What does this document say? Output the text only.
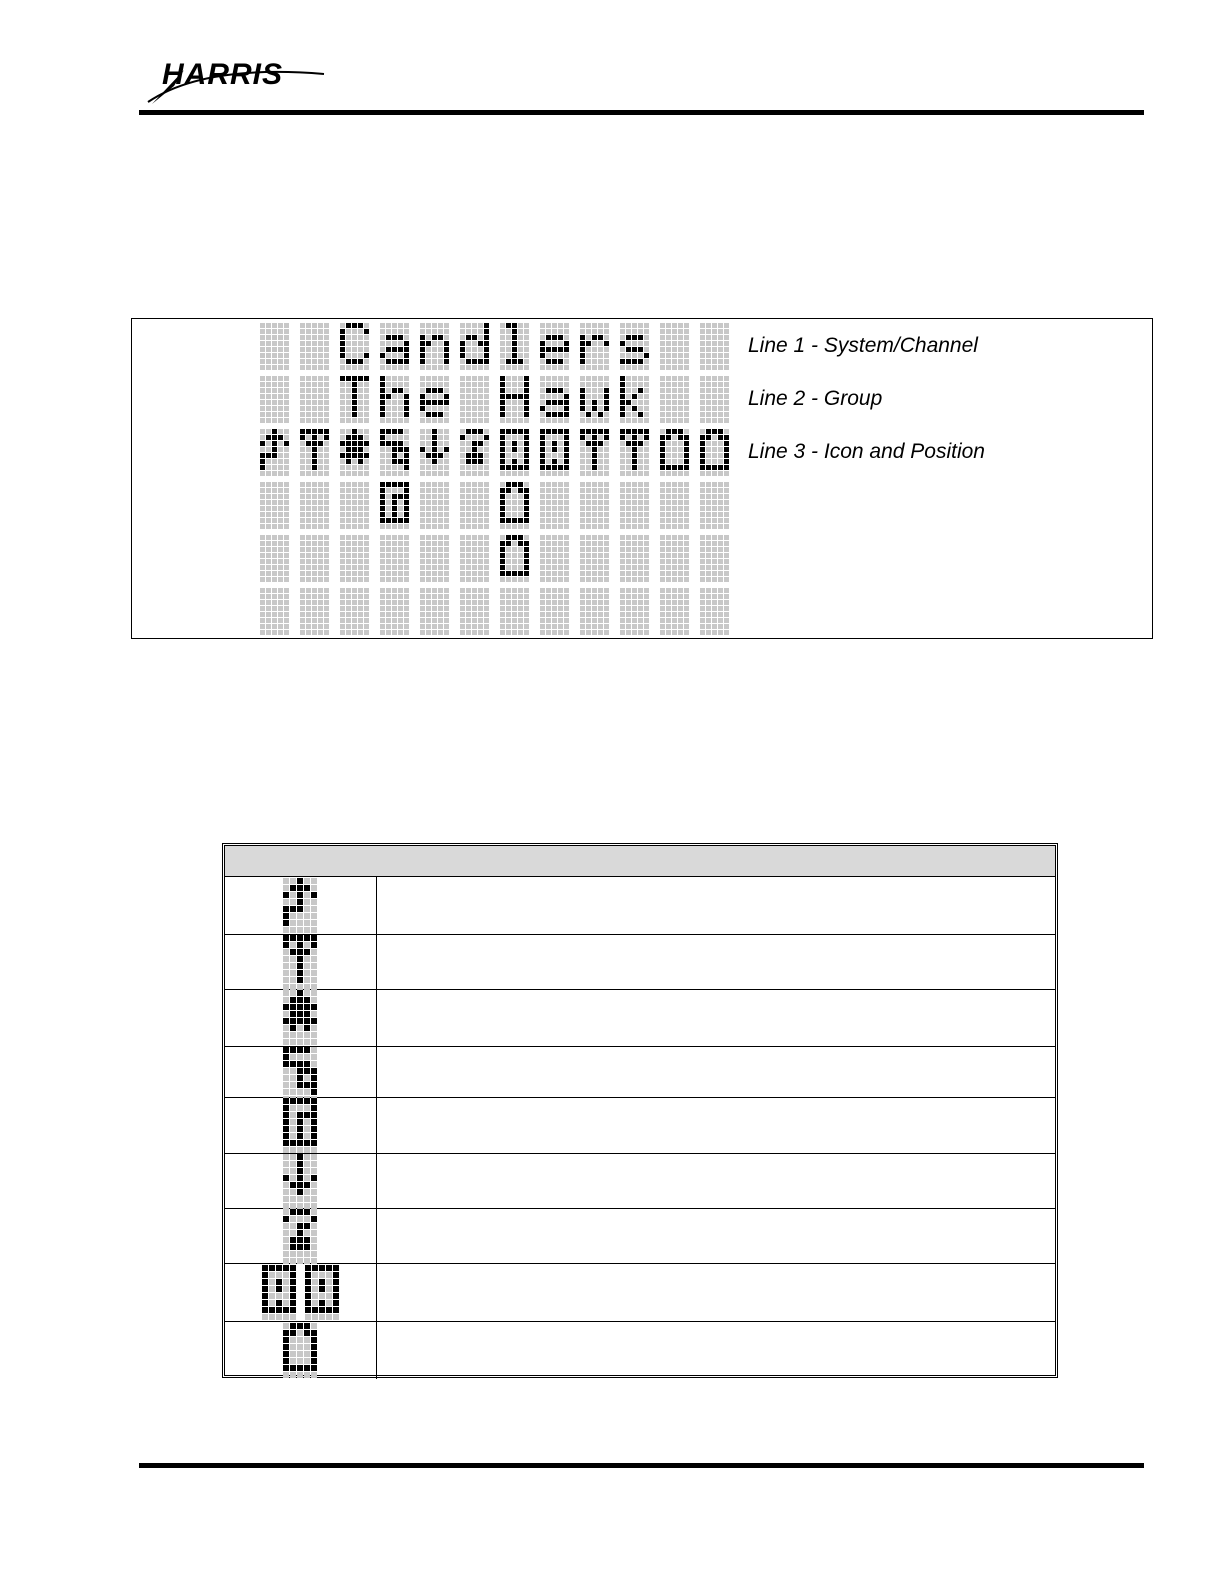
HARRIS
Line 1 - System/Channel
Line 2 - Group
Line 3 - Icon and Position
